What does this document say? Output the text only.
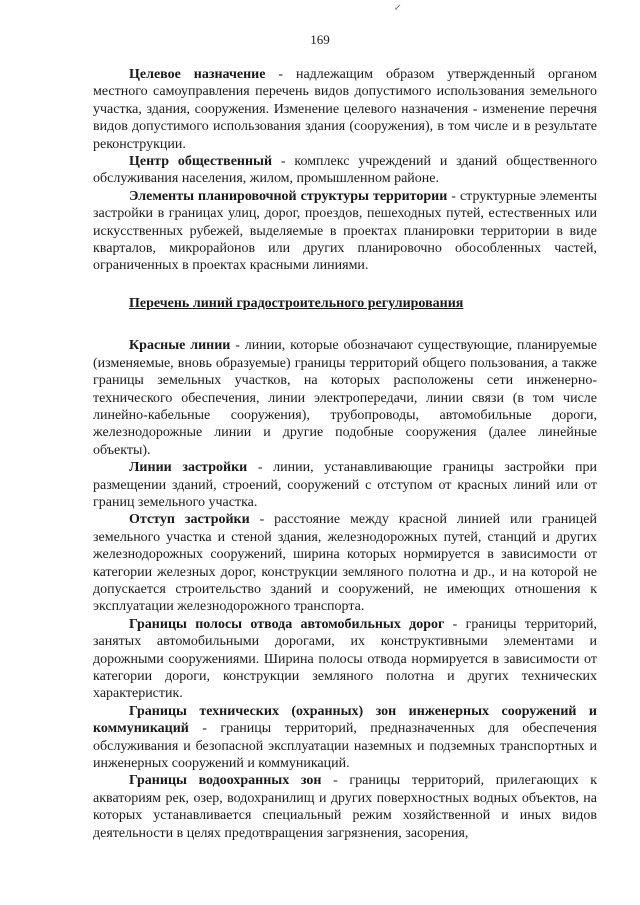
↙
169

Целевое назначение - надлежащим образом утвержденный органом местного самоуправления перечень видов допустимого использования земельного участка, здания, сооружения. Изменение целевого назначения - изменение перечня видов допустимого использования здания (сооружения), в том числе и в результате реконструкции.

Центр общественный - комплекс учреждений и зданий общественного обслуживания населения, жилом, промышленном районе.

Элементы планировочной структуры территории - структурные элементы застройки в границах улиц, дорог, проездов, пешеходных путей, естественных или искусственных рубежей, выделяемые в проектах планировки территории в виде кварталов, микрорайонов или других планировочно обособленных частей, ограниченных в проектах красными линиями.

Перечень линий градостроительного регулирования

Красные линии - линии, которые обозначают существующие, планируемые (изменяемые, вновь образуемые) границы территорий общего пользования, а также границы земельных участков, на которых расположены сети инженерно-технического обеспечения, линии электропередачи, линии связи (в том числе линейно-кабельные сооружения), трубопроводы, автомобильные дороги, железнодорожные линии и другие подобные сооружения (далее линейные объекты).

Линии застройки - линии, устанавливающие границы застройки при размещении зданий, строений, сооружений с отступом от красных линий или от границ земельного участка.

Отступ застройки - расстояние между красной линией или границей земельного участка и стеной здания, железнодорожных путей, станций и других железнодорожных сооружений, ширина которых нормируется в зависимости от категории железных дорог, конструкции земляного полотна и др., и на которой не допускается строительство зданий и сооружений, не имеющих отношения к эксплуатации железнодорожного транспорта.

Границы полосы отвода автомобильных дорог - границы территорий, занятых автомобильными дорогами, их конструктивными элементами и дорожными сооружениями. Ширина полосы отвода нормируется в зависимости от категории дороги, конструкции земляного полотна и других технических характеристик.

Границы технических (охранных) зон инженерных сооружений и коммуникаций - границы территорий, предназначенных для обеспечения обслуживания и безопасной эксплуатации наземных и подземных транспортных и инженерных сооружений и коммуникаций.

Границы водоохранных зон - границы территорий, прилегающих к акваториям рек, озер, водохранилищ и других поверхностных водных объектов, на которых устанавливается специальный режим хозяйственной и иных видов деятельности в целях предотвращения загрязнения, засорения,
